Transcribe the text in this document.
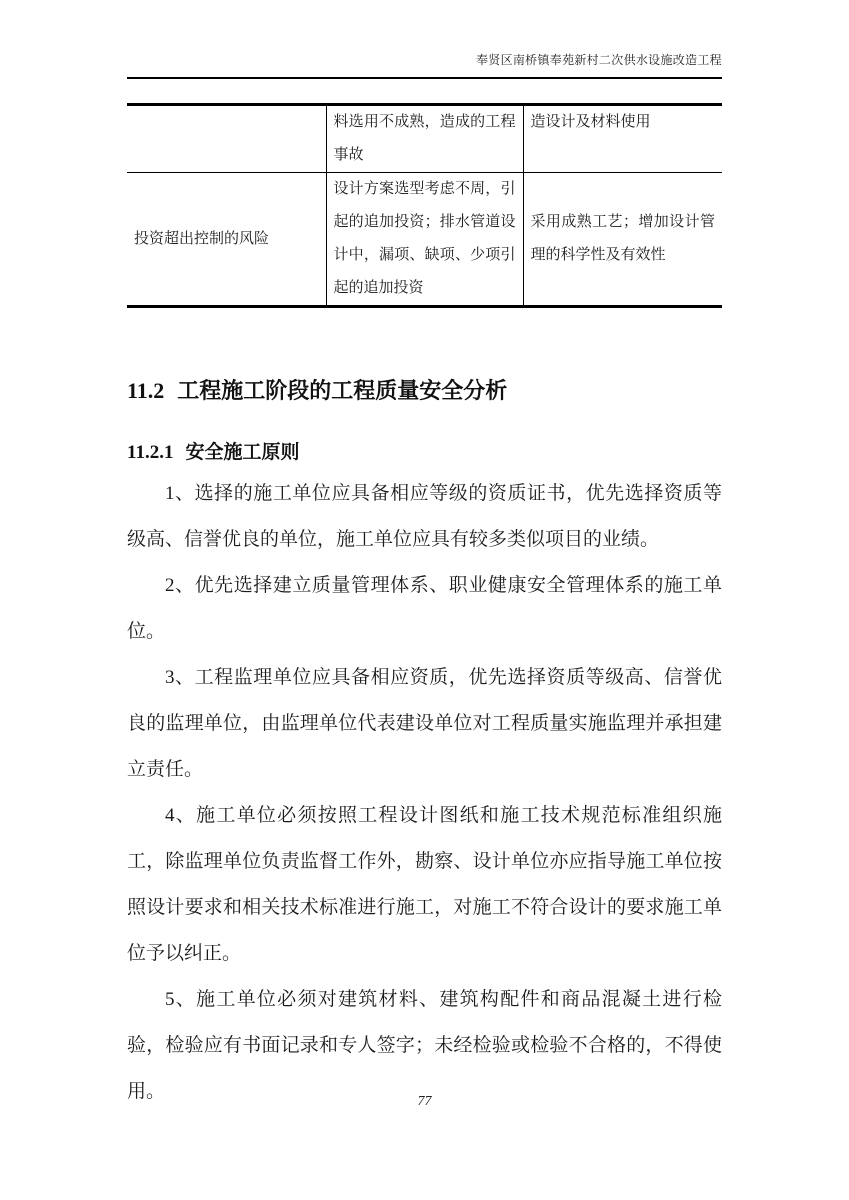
奉贤区南桥镇奉苑新村二次供水设施改造工程
	料选用不成熟，造成的工程事故	造设计及材料使用
投资超出控制的风险	设计方案选型考虑不周，引起的追加投资；排水管道设计中，漏项、缺项、少项引起的追加投资	采用成熟工艺；增加设计管理的科学性及有效性
11.2 工程施工阶段的工程质量安全分析
11.2.1 安全施工原则

1、选择的施工单位应具备相应等级的资质证书，优先选择资质等级高、信誉优良的单位，施工单位应具有较多类似项目的业绩。

2、优先选择建立质量管理体系、职业健康安全管理体系的施工单位。

3、工程监理单位应具备相应资质，优先选择资质等级高、信誉优良的监理单位，由监理单位代表建设单位对工程质量实施监理并承担建立责任。

4、施工单位必须按照工程设计图纸和施工技术规范标准组织施工，除监理单位负责监督工作外，勘察、设计单位亦应指导施工单位按照设计要求和相关技术标准进行施工，对施工不符合设计的要求施工单位予以纠正。

5、施工单位必须对建筑材料、建筑构配件和商品混凝土进行检验，检验应有书面记录和专人签字；未经检验或检验不合格的，不得使用。	77
